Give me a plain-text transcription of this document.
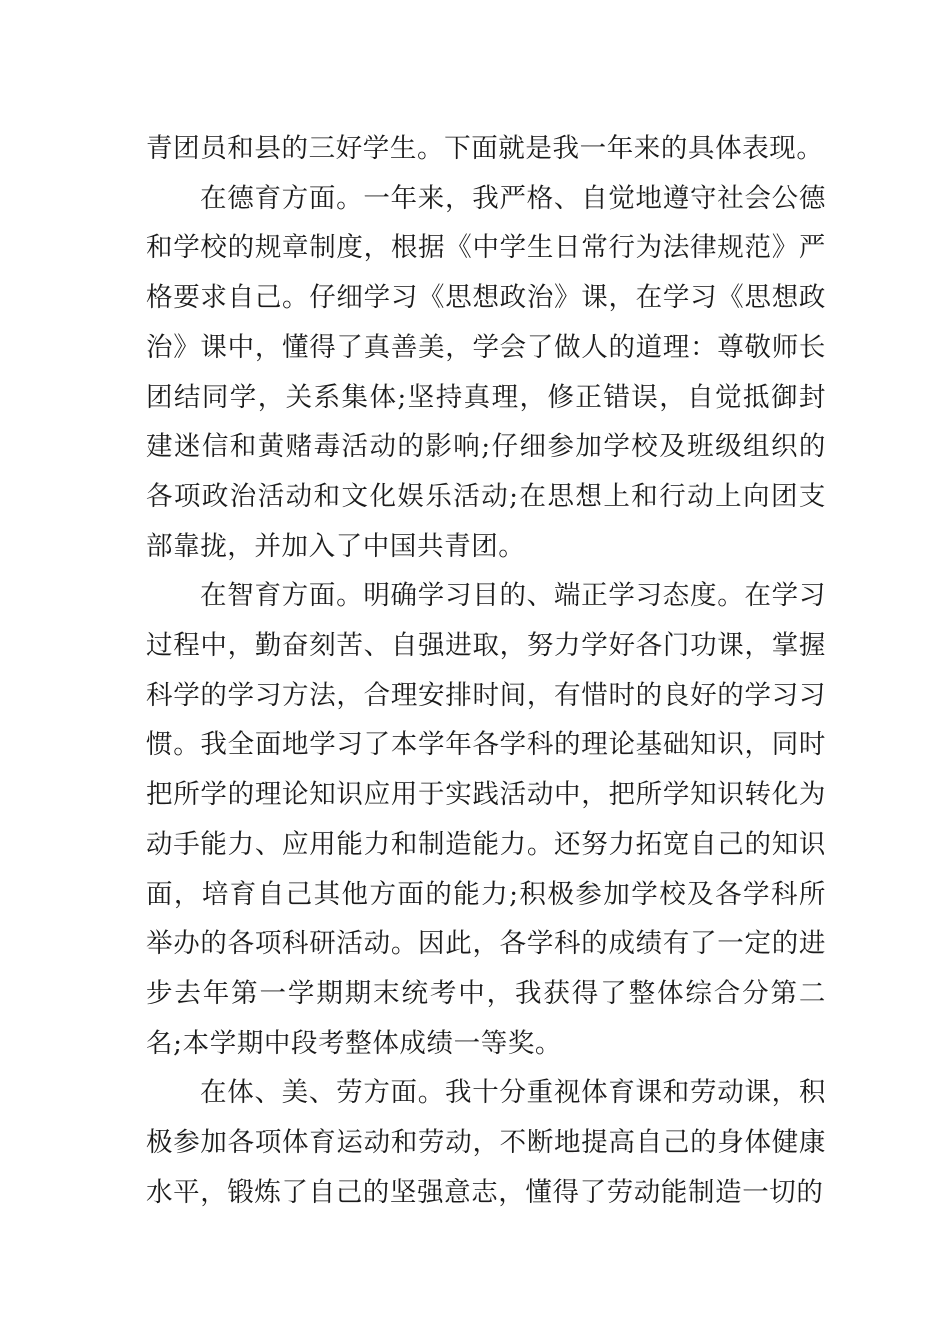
青团员和县的三好学生。下面就是我一年来的具体表现。

在德育方面。一年来，我严格、自觉地遵守社会公德和学校的规章制度，根据《中学生日常行为法律规范》严格要求自己。仔细学习《思想政治》课，在学习《思想政治》课中，懂得了真善美，学会了做人的道理：尊敬师长团结同学，关系集体;坚持真理，修正错误，自觉抵御封建迷信和黄赌毒活动的影响;仔细参加学校及班级组织的各项政治活动和文化娱乐活动;在思想上和行动上向团支部靠拢，并加入了中国共青团。

在智育方面。明确学习目的、端正学习态度。在学习过程中，勤奋刻苦、自强进取，努力学好各门功课，掌握科学的学习方法，合理安排时间，有惜时的良好的学习习惯。我全面地学习了本学年各学科的理论基础知识，同时把所学的理论知识应用于实践活动中，把所学知识转化为动手能力、应用能力和制造能力。还努力拓宽自己的知识面，培育自己其他方面的能力;积极参加学校及各学科所举办的各项科研活动。因此，各学科的成绩有了一定的进步去年第一学期期末统考中，我获得了整体综合分第二名;本学期中段考整体成绩一等奖。

在体、美、劳方面。我十分重视体育课和劳动课，积极参加各项体育运动和劳动，不断地提高自己的身体健康水平，锻炼了自己的坚强意志，懂得了劳动能制造一切的
